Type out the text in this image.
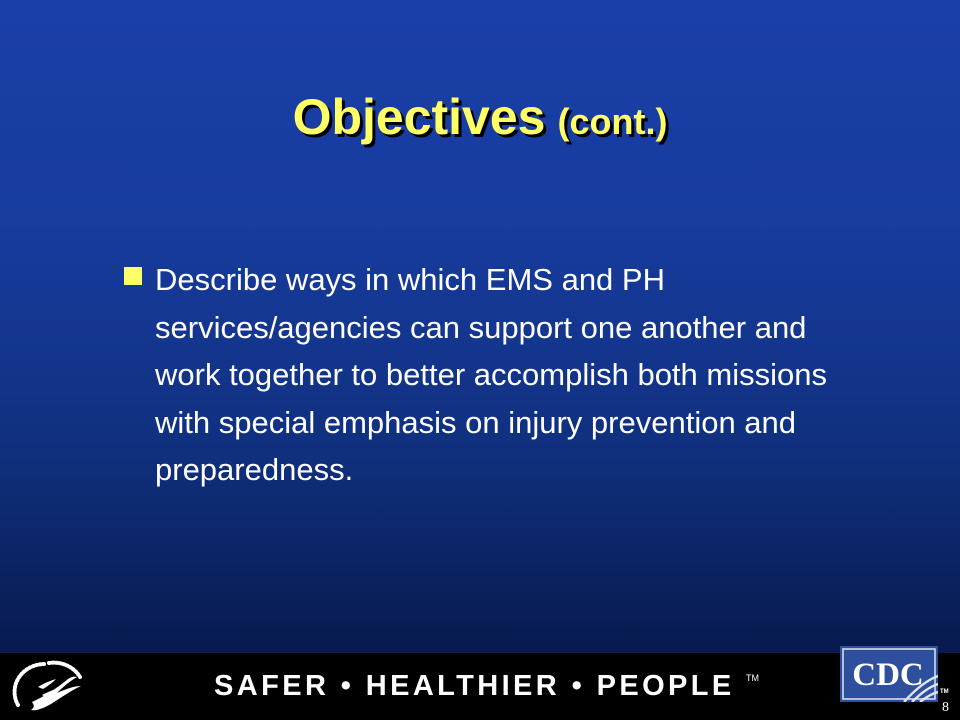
Objectives (cont.)
Describe ways in which EMS and PH services/agencies can support one another and work together to better accomplish both missions with special emphasis on injury prevention and preparedness.
SAFER • HEALTHIER • PEOPLE TM	CDC	TM
8
